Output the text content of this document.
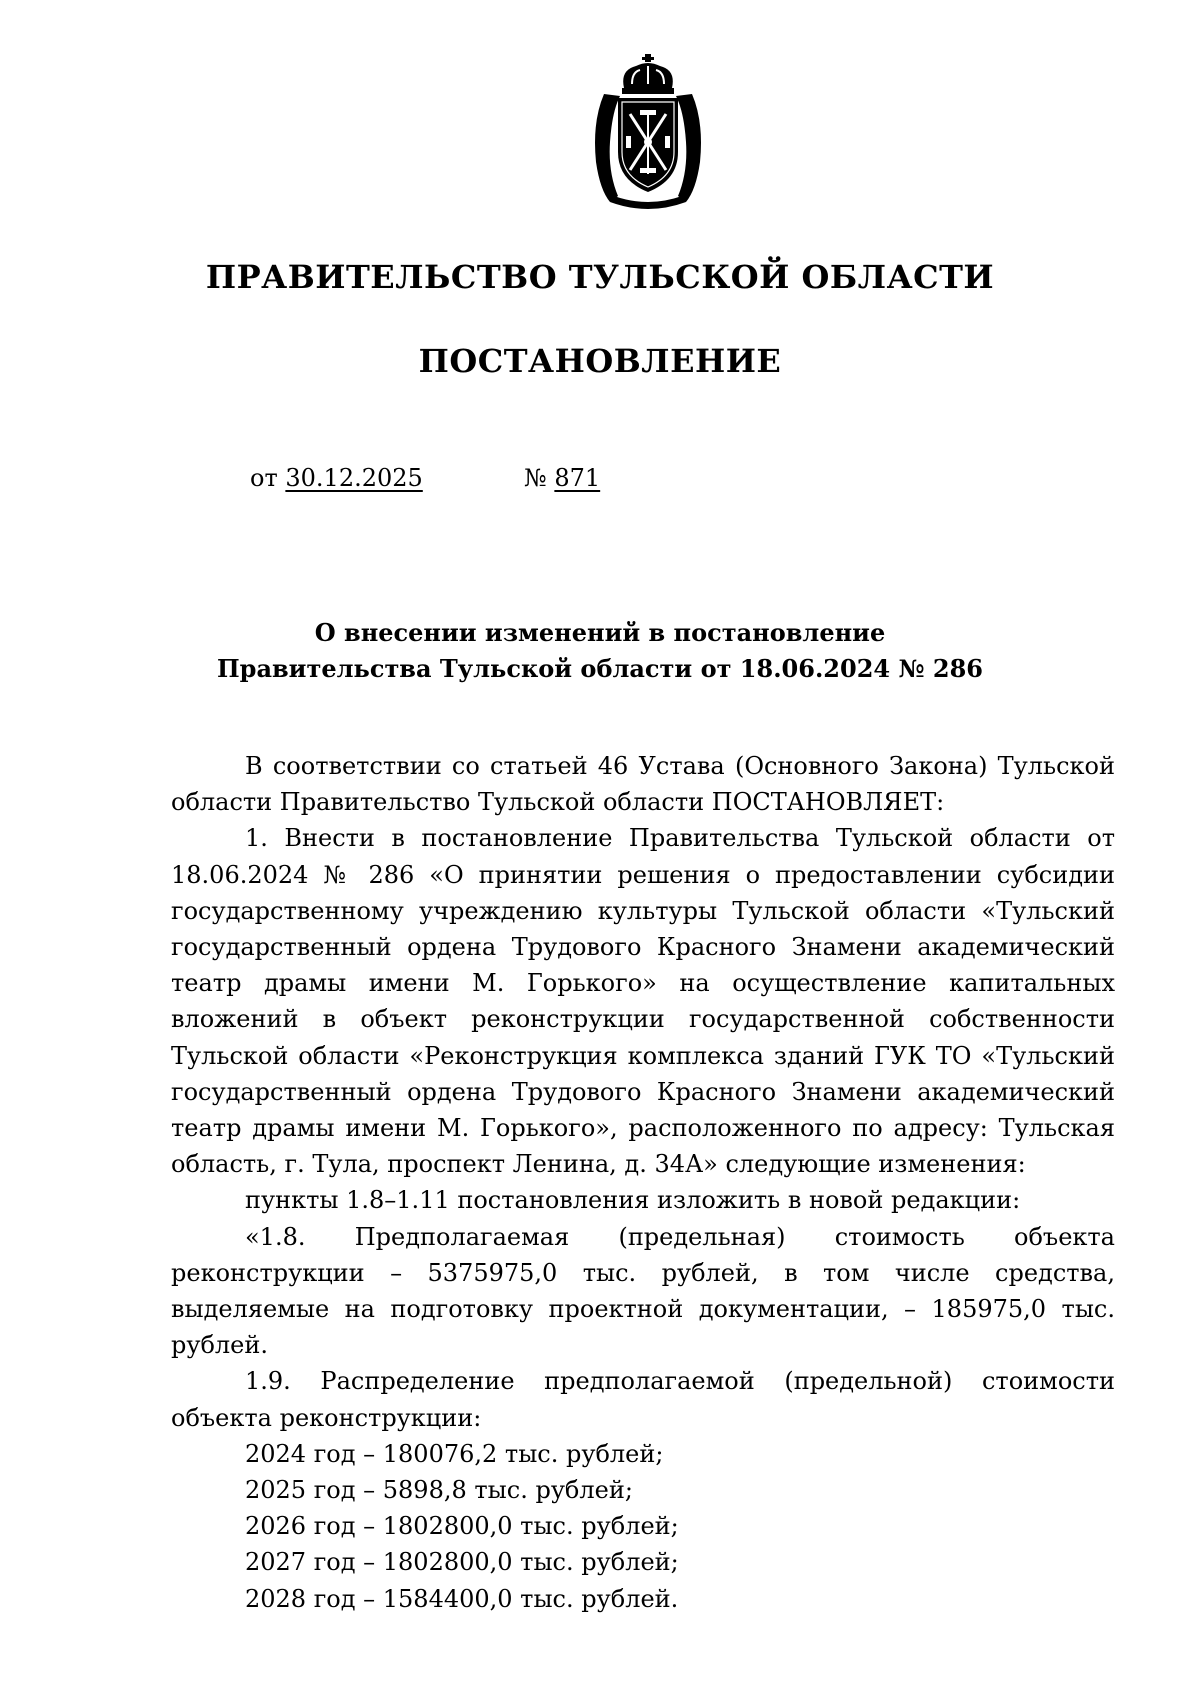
ПРАВИТЕЛЬСТВО ТУЛЬСКОЙ ОБЛАСТИ
ПОСТАНОВЛЕНИЕ
от 30.12.2025	№ 871
О внесении изменений в постановление
Правительства Тульской области от 18.06.2024 № 286

В соответствии со статьей 46 Устава (Основного Закона) Тульской области Правительство Тульской области ПОСТАНОВЛЯЕТ:

1. Внести в постановление Правительства Тульской области от 18.06.2024 № 286 «О принятии решения о предоставлении субсидии государственному учреждению культуры Тульской области «Тульский государственный ордена Трудового Красного Знамени академический театр драмы имени М. Горького» на осуществление капитальных вложений в объект реконструкции государственной собственности Тульской области «Реконструкция комплекса зданий ГУК ТО «Тульский государственный ордена Трудового Красного Знамени академический театр драмы имени М. Горького», расположенного по адресу: Тульская область, г. Тула, проспект Ленина, д. 34А» следующие изменения:

пункты 1.8–1.11 постановления изложить в новой редакции:

«1.8. Предполагаемая (предельная) стоимость объекта реконструкции – 5375975,0 тыс. рублей, в том числе средства, выделяемые на подготовку проектной документации, – 185975,0 тыс. рублей.

1.9. Распределение предполагаемой (предельной) стоимости объекта реконструкции:

2024 год – 180076,2 тыс. рублей;

2025 год – 5898,8 тыс. рублей;

2026 год – 1802800,0 тыс. рублей;

2027 год – 1802800,0 тыс. рублей;

2028 год – 1584400,0 тыс. рублей.
